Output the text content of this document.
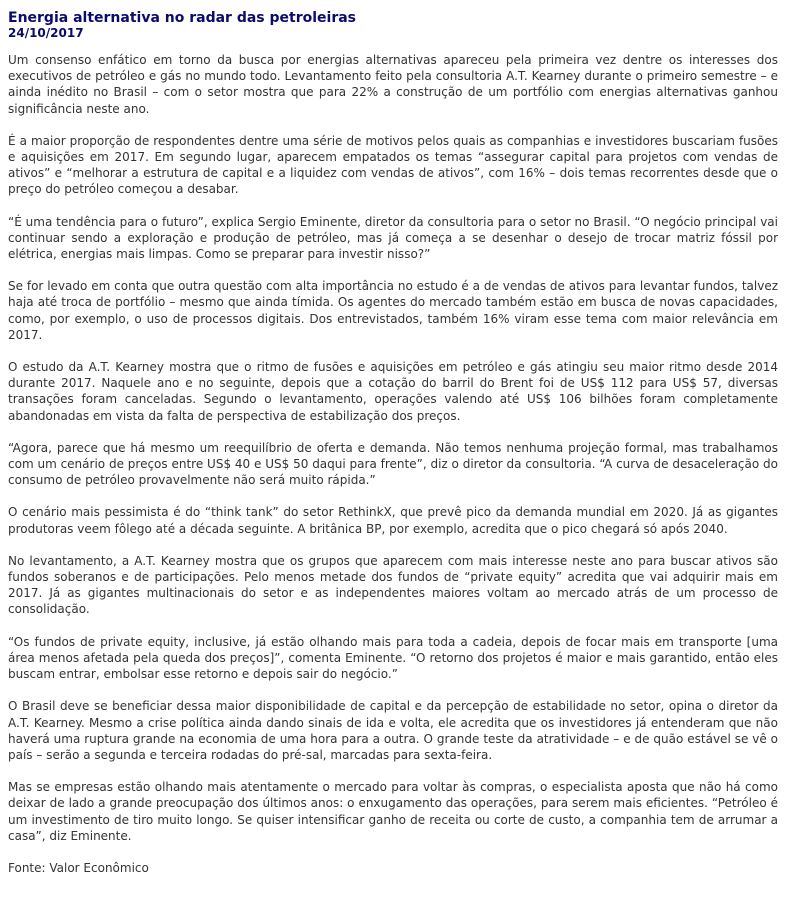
Energia alternativa no radar das petroleiras
24/10/2017

Um consenso enfático em torno da busca por energias alternativas apareceu pela primeira vez dentre os interesses dos executivos de petróleo e gás no mundo todo. Levantamento feito pela consultoria A.T. Kearney durante o primeiro semestre – e ainda inédito no Brasil – com o setor mostra que para 22% a construção de um portfólio com energias alternativas ganhou significância neste ano.

É a maior proporção de respondentes dentre uma série de motivos pelos quais as companhias e investidores buscariam fusões e aquisições em 2017. Em segundo lugar, aparecem empatados os temas “assegurar capital para projetos com vendas de ativos” e “melhorar a estrutura de capital e a liquidez com vendas de ativos”, com 16% – dois temas recorrentes desde que o preço do petróleo começou a desabar.

“É uma tendência para o futuro”, explica Sergio Eminente, diretor da consultoria para o setor no Brasil. “O negócio principal vai continuar sendo a exploração e produção de petróleo, mas já começa a se desenhar o desejo de trocar matriz fóssil por elétrica, energias mais limpas. Como se preparar para investir nisso?”

Se for levado em conta que outra questão com alta importância no estudo é a de vendas de ativos para levantar fundos, talvez haja até troca de portfólio – mesmo que ainda tímida. Os agentes do mercado também estão em busca de novas capacidades, como, por exemplo, o uso de processos digitais. Dos entrevistados, também 16% viram esse tema com maior relevância em 2017.

O estudo da A.T. Kearney mostra que o ritmo de fusões e aquisições em petróleo e gás atingiu seu maior ritmo desde 2014 durante 2017. Naquele ano e no seguinte, depois que a cotação do barril do Brent foi de US$ 112 para US$ 57, diversas transações foram canceladas. Segundo o levantamento, operações valendo até US$ 106 bilhões foram completamente abandonadas em vista da falta de perspectiva de estabilização dos preços.

“Agora, parece que há mesmo um reequilíbrio de oferta e demanda. Não temos nenhuma projeção formal, mas trabalhamos com um cenário de preços entre US$ 40 e US$ 50 daqui para frente”, diz o diretor da consultoria. “A curva de desaceleração do consumo de petróleo provavelmente não será muito rápida.”

O cenário mais pessimista é do “think tank” do setor RethinkX, que prevê pico da demanda mundial em 2020. Já as gigantes produtoras veem fôlego até a década seguinte. A britânica BP, por exemplo, acredita que o pico chegará só após 2040.

No levantamento, a A.T. Kearney mostra que os grupos que aparecem com mais interesse neste ano para buscar ativos são fundos soberanos e de participações. Pelo menos metade dos fundos de “private equity” acredita que vai adquirir mais em 2017. Já as gigantes multinacionais do setor e as independentes maiores voltam ao mercado atrás de um processo de consolidação.

“Os fundos de private equity, inclusive, já estão olhando mais para toda a cadeia, depois de focar mais em transporte [uma área menos afetada pela queda dos preços]”, comenta Eminente. “O retorno dos projetos é maior e mais garantido, então eles buscam entrar, embolsar esse retorno e depois sair do negócio.”

O Brasil deve se beneficiar dessa maior disponibilidade de capital e da percepção de estabilidade no setor, opina o diretor da A.T. Kearney. Mesmo a crise política ainda dando sinais de ida e volta, ele acredita que os investidores já entenderam que não haverá uma ruptura grande na economia de uma hora para a outra. O grande teste da atratividade – e de quão estável se vê o país – serão a segunda e terceira rodadas do pré-sal, marcadas para sexta-feira.

Mas se empresas estão olhando mais atentamente o mercado para voltar às compras, o especialista aposta que não há como deixar de lado a grande preocupação dos últimos anos: o enxugamento das operações, para serem mais eficientes. “Petróleo é um investimento de tiro muito longo. Se quiser intensificar ganho de receita ou corte de custo, a companhia tem de arrumar a casa”, diz Eminente.

Fonte: Valor Econômico
